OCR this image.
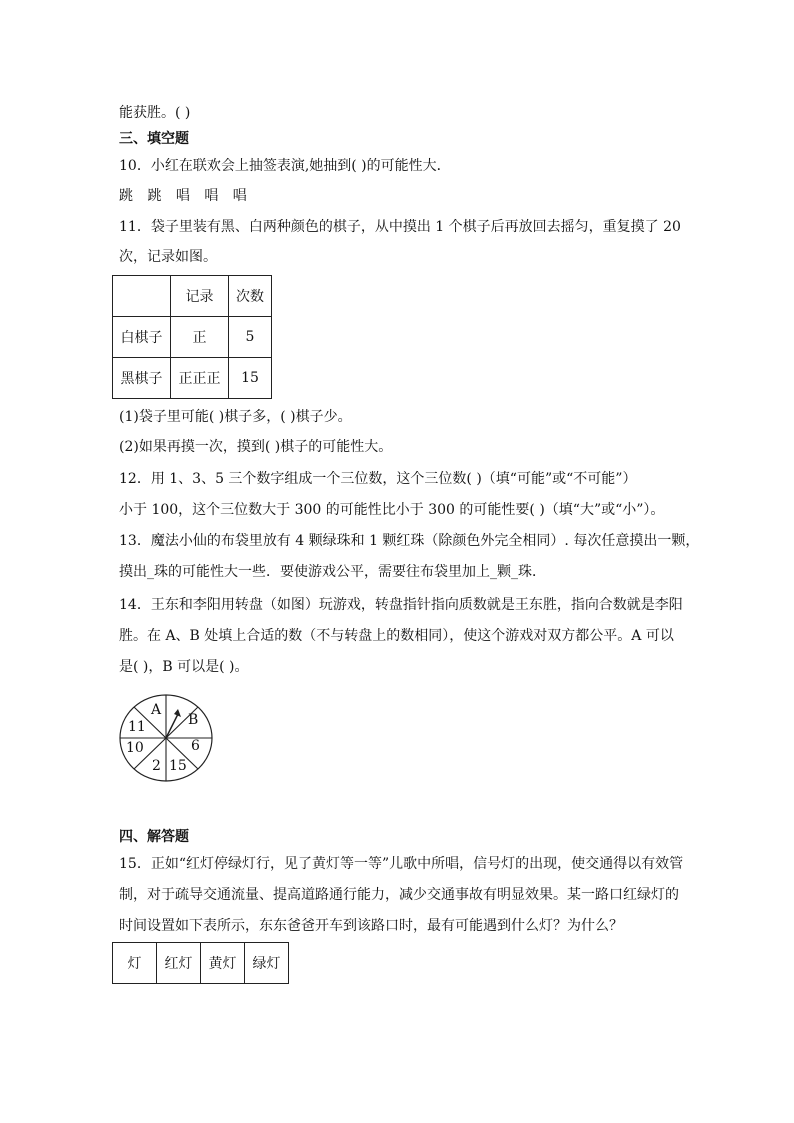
能获胜。( )
三、填空题
10．小红在联欢会上抽签表演,她抽到( )的可能性大．
跳 跳 唱 唱 唱
11．袋子里装有黑、白两种颜色的棋子，从中摸出 1 个棋子后再放回去摇匀，重复摸了 20
次，记录如图。
	记录	次数
白棋子	正	5
黑棋子	正正正	15
(1)袋子里可能( )棋子多，( )棋子少。
(2)如果再摸一次，摸到( )棋子的可能性大。
12．用 1、3、5 三个数字组成一个三位数，这个三位数( )（填“可能”或“不可能”）
小于 100，这个三位数大于 300 的可能性比小于 300 的可能性要( )（填“大”或“小”）。
13．魔法小仙的布袋里放有 4 颗绿珠和 1 颗红珠（除颜色外完全相同）. 每次任意摸出一颗，
摸出_珠的可能性大一些．要使游戏公平，需要往布袋里加上_颗_珠．
14．王东和李阳用转盘（如图）玩游戏，转盘指针指向质数就是王东胜，指向合数就是李阳
胜。在 A、B 处填上合适的数（不与转盘上的数相同），使这个游戏对双方都公平。A 可以
是( )，B 可以是( )。
A
B
11
10
2 15
6
四、解答题
15．正如“红灯停绿灯行，见了黄灯等一等”儿歌中所唱，信号灯的出现，使交通得以有效管
制，对于疏导交通流量、提高道路通行能力，减少交通事故有明显效果。某一路口红绿灯的
时间设置如下表所示，东东爸爸开车到该路口时，最有可能遇到什么灯？为什么？
灯	红灯	黄灯	绿灯
